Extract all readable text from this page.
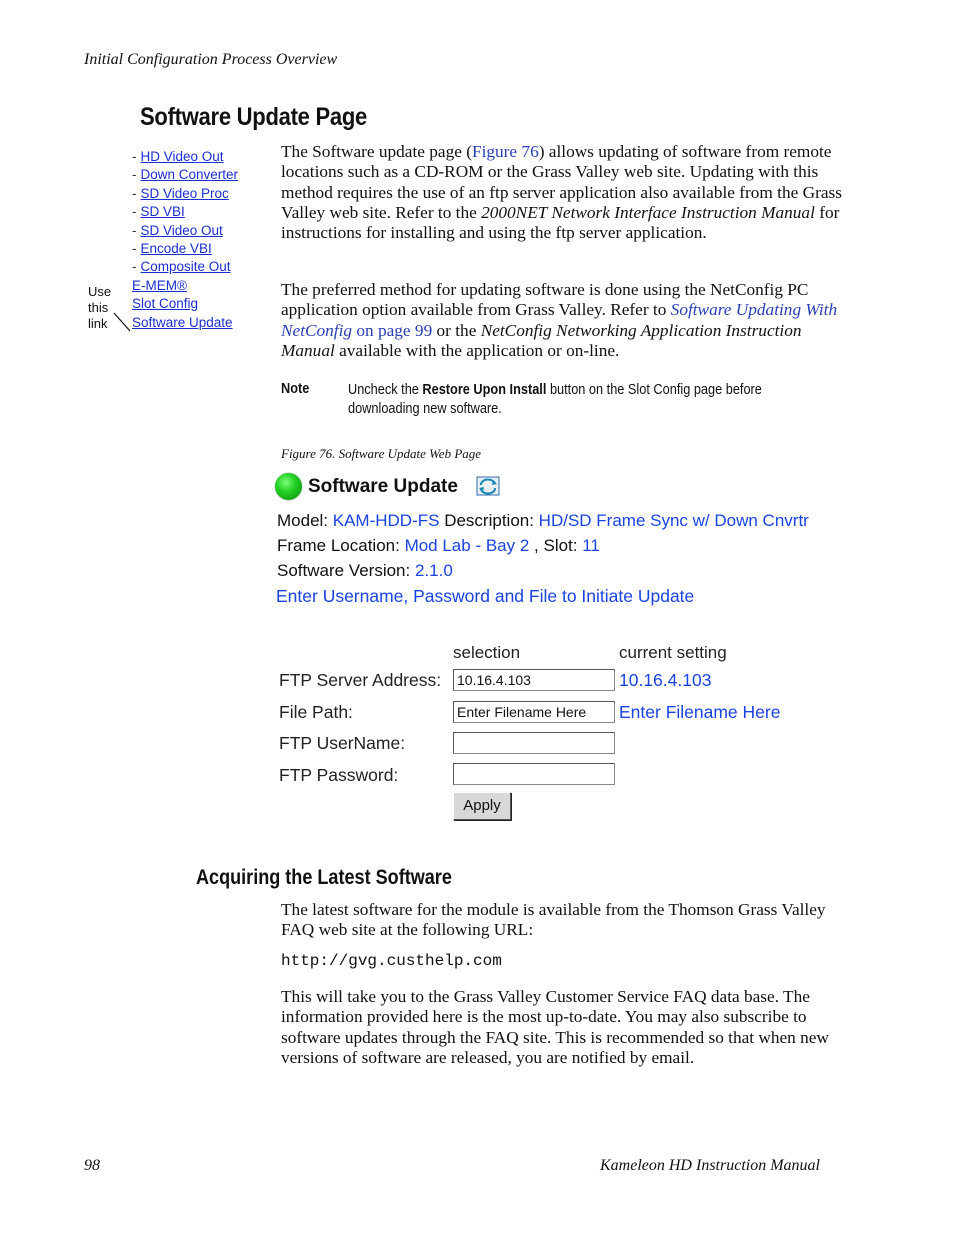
Initial Configuration Process Overview
Software Update Page
- HD Video Out
- Down Converter
- SD Video Proc
- SD VBI
- SD Video Out
- Encode VBI
- Composite Out
E-MEM®
Slot Config
Software Update
Use
this
link
The Software update page (Figure 76) allows updating of software from remote locations such as a CD-ROM or the Grass Valley web site. Updating with this method requires the use of an ftp server application also available from the Grass Valley web site. Refer to the 2000NET Network Interface Instruction Manual for instructions for installing and using the ftp server application.
The preferred method for updating software is done using the NetConfig PC application option available from Grass Valley. Refer to Software Updating With NetConfig on page 99 or the NetConfig Networking Application Instruction Manual available with the application or on-line.
Note	Uncheck the Restore Upon Install button on the Slot Config page before downloading new software.
Figure 76. Software Update Web Page
Software Update
Model: KAM-HDD-FS Description: HD/SD Frame Sync w/ Down Cnvrtr
Frame Location: Mod Lab - Bay 2 , Slot: 11
Software Version: 2.1.0
Enter Username, Password and File to Initiate Update
selection	current setting
FTP Server Address: 10.16.4.103	10.16.4.103
File Path:	Enter Filename Here	Enter Filename Here
FTP UserName:
FTP Password:
Apply
Acquiring the Latest Software
The latest software for the module is available from the Thomson Grass Valley FAQ web site at the following URL:
http://gvg.custhelp.com
This will take you to the Grass Valley Customer Service FAQ data base. The information provided here is the most up-to-date. You may also subscribe to software updates through the FAQ site. This is recommended so that when new versions of software are released, you are notified by email.
98	Kameleon HD Instruction Manual
